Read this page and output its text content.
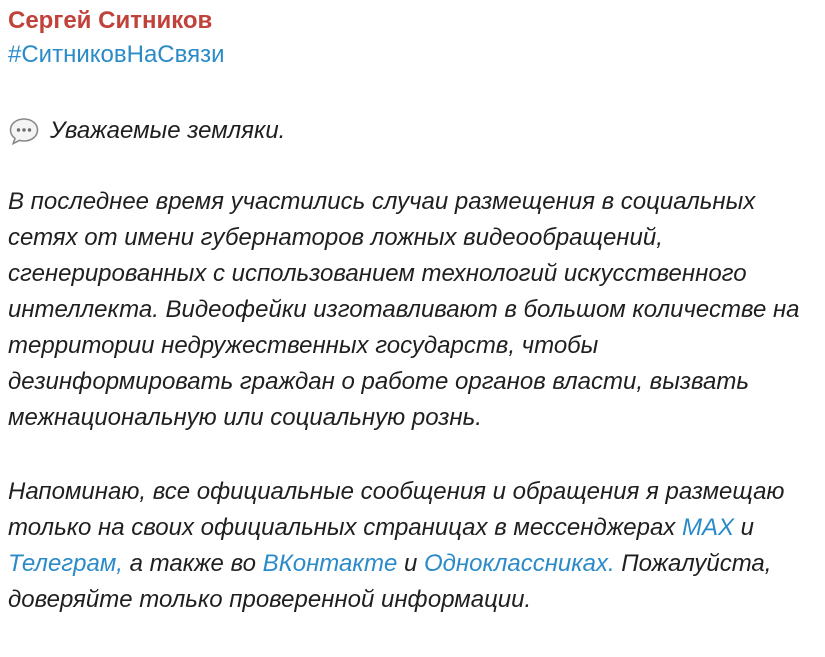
Сергей Ситников
#СитниковНаСвязи
Уважаемые земляки.
В последнее время участились случаи размещения в социальных сетях от имени губернаторов ложных видеообращений, сгенерированных с использованием технологий искусственного интеллекта. Видеофейки изготавливают в большом количестве на территории недружественных государств, чтобы дезинформировать граждан о работе органов власти, вызвать межнациональную или социальную рознь.
Напоминаю, все официальные сообщения и обращения я размещаю только на своих официальных страницах в мессенджерах MAX и Телеграм, а также во ВКонтакте и Одноклассниках. Пожалуйста, доверяйте только проверенной информации.
